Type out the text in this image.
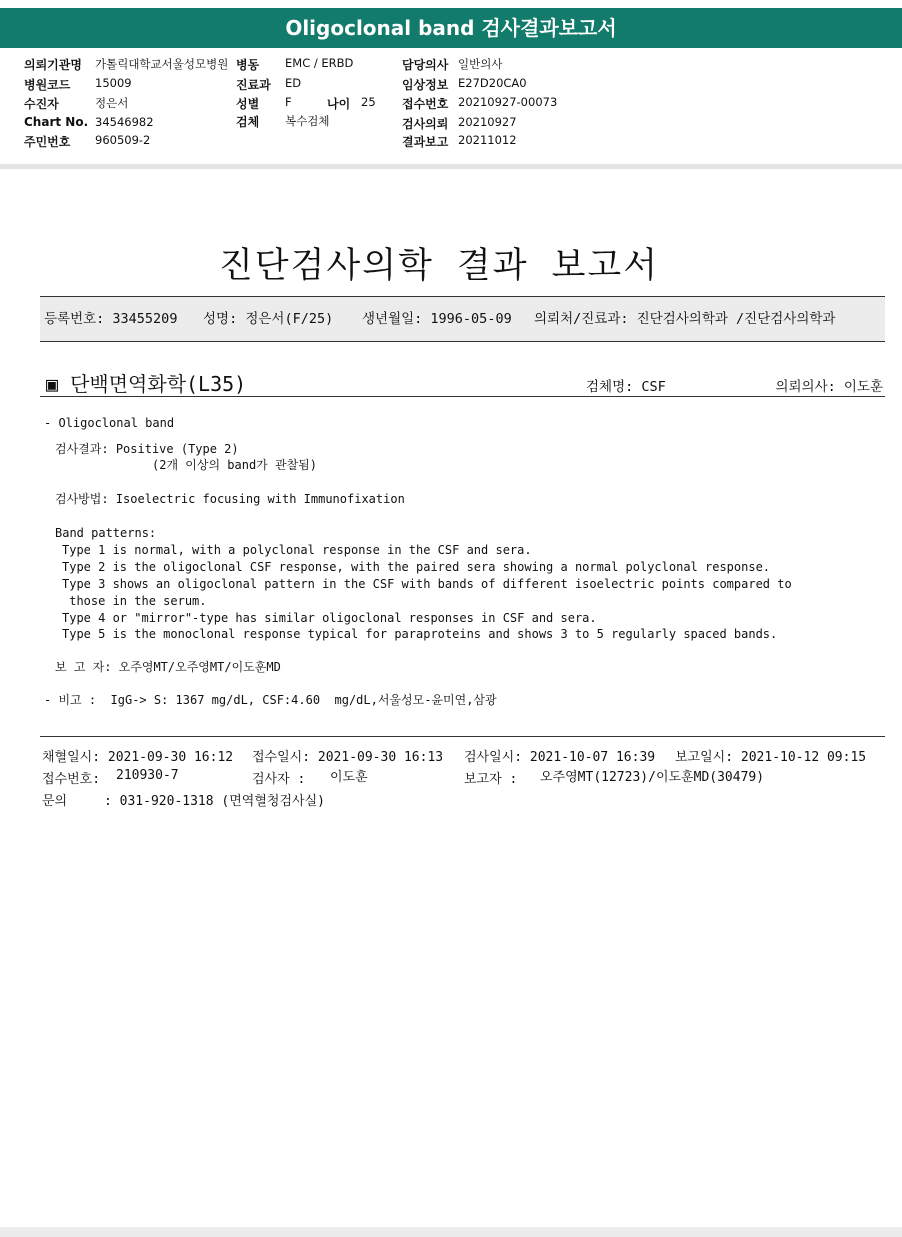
Oligoclonal band 검사결과보고서
의뢰기관명 가톨릭대학교서울성모병원 병동 EMC / ERBD	담당의사 일반의사
병원코드 15009	진료과 ED	임상정보 E27D20CA0
수진자	정은서	성별 F	나이 25 접수번호 20210927-00073
Chart No. 34546982	검체 복수검체	검사의뢰 20210927
주민번호 960509-2	결과보고 20211012
진단검사의학 결과 보고서
등록번호: 33455209 성명: 정은서(F/25) 생년월일: 1996-05-09 의뢰처/진료과: 진단검사의학과 /진단검사의학과
▣ 단백면역화학(L35)	검체명: CSF	의뢰의사: 이도훈
- Oligoclonal band
검사결과: Positive (Type 2)
(2개 이상의 band가 관찰됨)
검사방법: Isoelectric focusing with Immunofixation
Band patterns:
Type 1 is normal, with a polyclonal response in the CSF and sera.
Type 2 is the oligoclonal CSF response, with the paired sera showing a normal polyclonal response.
Type 3 shows an oligoclonal pattern in the CSF with bands of different isoelectric points compared to
those in the serum.
Type 4 or "mirror"-type has similar oligoclonal responses in CSF and sera.
Type 5 is the monoclonal response typical for paraproteins and shows 3 to 5 regularly spaced bands.
보 고 자: 오주영MT/오주영MT/이도훈MD
- 비고 :  IgG-> S: 1367 mg/dL, CSF:4.60  mg/dL,서울성모-윤미연,삼광
채혈일시: 2021-09-30 16:12 접수일시: 2021-09-30 16:13 검사일시: 2021-10-07 16:39 보고일시: 2021-10-12 09:15
접수번호: 210930-7	검사자 : 이도훈	보고자 : 오주영MT(12723)/이도훈MD(30479)
문의	: 031-920-1318 (면역혈청검사실)
